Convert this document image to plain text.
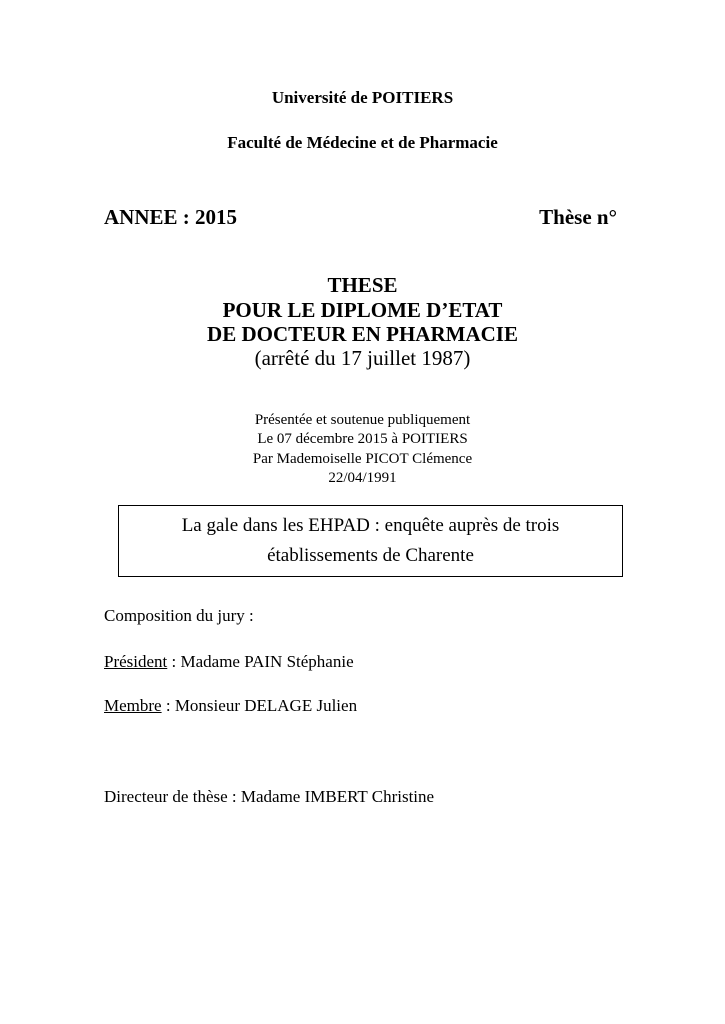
Université de POITIERS
Faculté de Médecine et de Pharmacie
ANNEE : 2015	Thèse n°
THESE
POUR LE DIPLOME D’ETAT
DE DOCTEUR EN PHARMACIE
(arrêté du 17 juillet 1987)
Présentée et soutenue publiquement
Le 07 décembre 2015 à POITIERS
Par Mademoiselle PICOT Clémence
22/04/1991
La gale dans les EHPAD : enquête auprès de trois
établissements de Charente
Composition du jury :
Président : Madame PAIN Stéphanie
Membre : Monsieur DELAGE Julien
Directeur de thèse : Madame IMBERT Christine
